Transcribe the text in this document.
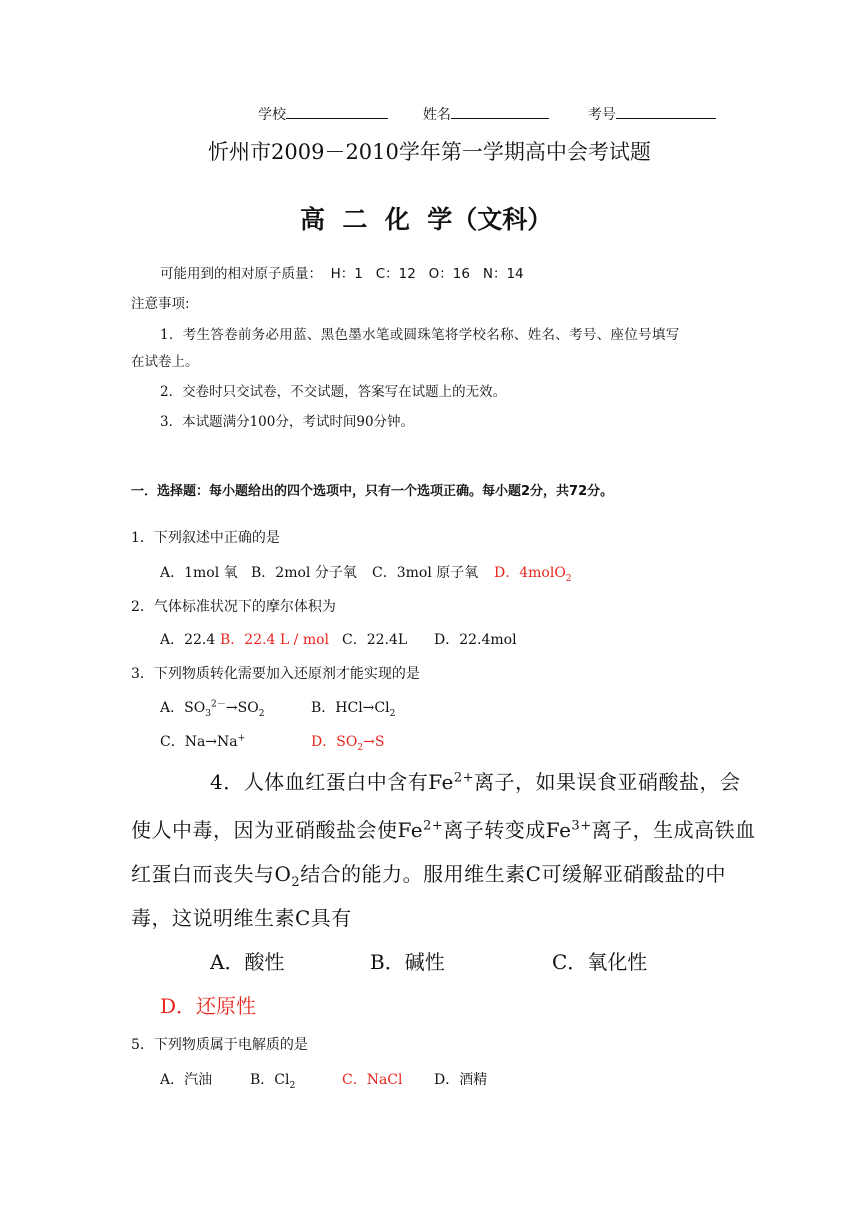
学校	姓名	考号
忻州市2009－2010学年第一学期高中会考试题
高  二  化  学（文科）
可能用到的相对原子质量：  H：1   C：12   O：16   N：14
注意事项:
1．考生答卷前务必用蓝、黑色墨水笔或圆珠笔将学校名称、姓名、考号、座位号填写
在试卷上。
2．交卷时只交试卷，不交试题，答案写在试题上的无效。
3．本试题满分100分，考试时间90分钟。
一．选择题：每小题给出的四个选项中，只有一个选项正确。每小题2分，共72分。
1．下列叙述中正确的是
A．1mol 氧 B．2mol 分子氧 C．3mol 原子氧 D．4molO$_2$
2．气体标准状况下的摩尔体积为
A．22.4 B．22.4 L / mol C．22.4L D．22.4mol
3．下列物质转化需要加入还原剂才能实现的是
A．$SO_3^{2-}\to SO_2$	B．$HCl\to Cl_2$
C．Na→Na+	D．$SO_2\to S$
4．人体血红蛋白中含有$Fe^{2+}$离子，如果误食亚硝酸盐，会
使人中毒，因为亚硝酸盐会使$Fe^{2+}$离子转变成$Fe^{3+}$离子，生成高铁血
红蛋白而丧失与$O_2$结合的能力。服用维生素C可缓解亚硝酸盐的中
毒，这说明维生素C具有
A．酸性	B．碱性	C．氧化性
D．还原性
5．下列物质属于电解质的是
A．汽油	B．$Cl_2$	C．NaCl D．酒精
